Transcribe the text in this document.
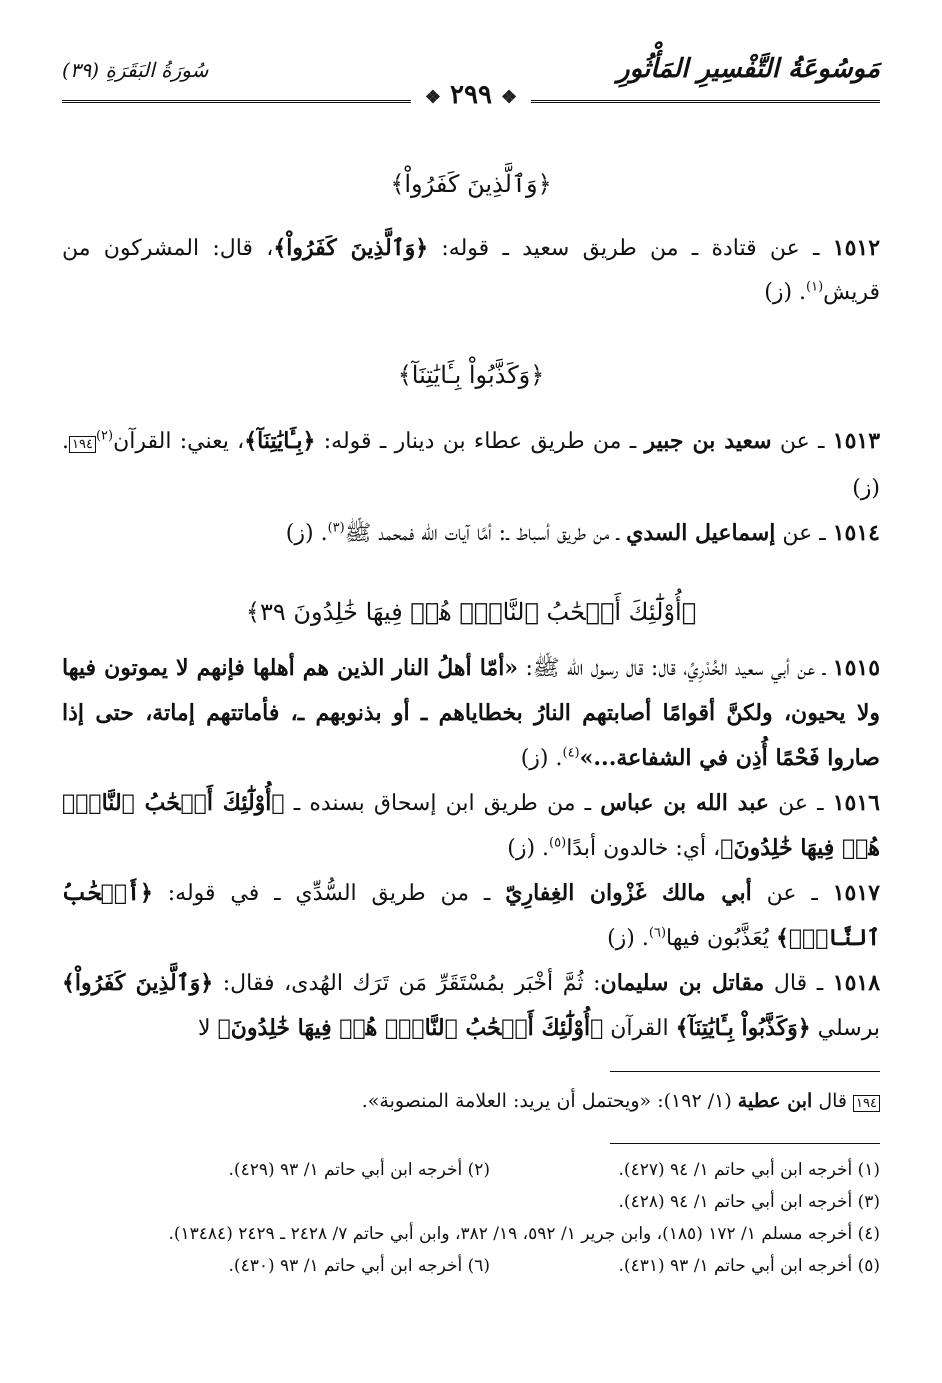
مَوسُوعَةُ التَّفْسِيرِ المَأْثُورِ
سُورَةُ البَقَرَةِ (٣٩)
❖ ٢٩٩ ❖
﴿وَٱلَّذِينَ كَفَرُواْ﴾

١٥١٢ ـ عن قتادة ـ من طريق سعيد ـ قوله: ﴿وَٱلَّذِينَ كَفَرُواْ﴾، قال: المشركون من قريش$^{(١)}$. (ز)

﴿وَكَذَّبُواْ بِـَٔايَٰتِنَآ﴾

١٥١٣ ـ عن سعيد بن جبير ـ من طريق عطاء بن دينار ـ قوله: ﴿بِـَٔايَٰتِنَآ﴾، يعني: القرآن$^{(٢)}$١٩٤. (ز)

١٥١٤ ـ عن إسماعيل السدي ـ من طريق أسباط ـ: أمَّا آيات الله فمحمد ﷺ$^{(٣)}$. (ز)

﴿أُوْلَٰٓئِكَ أَصۡحَٰبُ ٱلنَّارِۖ هُمۡ فِيهَا خَٰلِدُونَ ٣٩﴾

١٥١٥ ـ عن أبي سعيد الخُدْرِيِّ، قال: قال رسول الله ﷺ: «أمّا أهلُ النار الذين هم أهلها فإنهم لا يموتون فيها ولا يحيون، ولكنَّ أقوامًا أصابتهم النارُ بخطاياهم ـ أو بذنوبهم ـ، فأماتتهم إماتة، حتى إذا صاروا فَحْمًا أُذِن في الشفاعة...»$^{(٤)}$. (ز)

١٥١٦ ـ عن عبد الله بن عباس ـ من طريق ابن إسحاق بسنده ـ ﴿أُوْلَٰٓئِكَ أَصۡحَٰبُ ٱلنَّارِۖ هُمۡ فِيهَا خَٰلِدُونَ﴾، أي: خالدون أبدًا$^{(٥)}$. (ز)

١٥١٧ ـ عن أبي مالك غَزْوان الغِفارِيّ ـ من طريق السُّدِّي ـ في قوله: ﴿أَصۡحَٰبُ ٱلنَّارِۖ﴾ يُعَذَّبُون فيها$^{(٦)}$. (ز)

١٥١٨ ـ قال مقاتل بن سليمان: ثُمَّ أخْبَر بمُسْتَقَرِّ مَن تَرَك الهُدى، فقال: ﴿وَٱلَّذِينَ كَفَرُواْ﴾ برسلي ﴿وَكَذَّبُواْ بِـَٔايَٰتِنَآ﴾ القرآن ﴿أُوْلَٰٓئِكَ أَصۡحَٰبُ ٱلنَّارِۖ هُمۡ فِيهَا خَٰلِدُونَ﴾ لا

١٩٤ قال ابن عطية (١/ ١٩٢): «ويحتمل أن يريد: العلامة المنصوبة».
(١) أخرجه ابن أبي حاتم ١/ ٩٤ (٤٢٧).
(٢) أخرجه ابن أبي حاتم ١/ ٩٣ (٤٢٩).
(٣) أخرجه ابن أبي حاتم ١/ ٩٤ (٤٢٨).
(٤) أخرجه مسلم ١/ ١٧٢ (١٨٥)، وابن جرير ١/ ٥٩٢، ١٩/ ٣٨٢، وابن أبي حاتم ٧/ ٢٤٢٨ ـ ٢٤٢٩ (١٣٤٨٤).
(٥) أخرجه ابن أبي حاتم ١/ ٩٣ (٤٣١).
(٦) أخرجه ابن أبي حاتم ١/ ٩٣ (٤٣٠).
